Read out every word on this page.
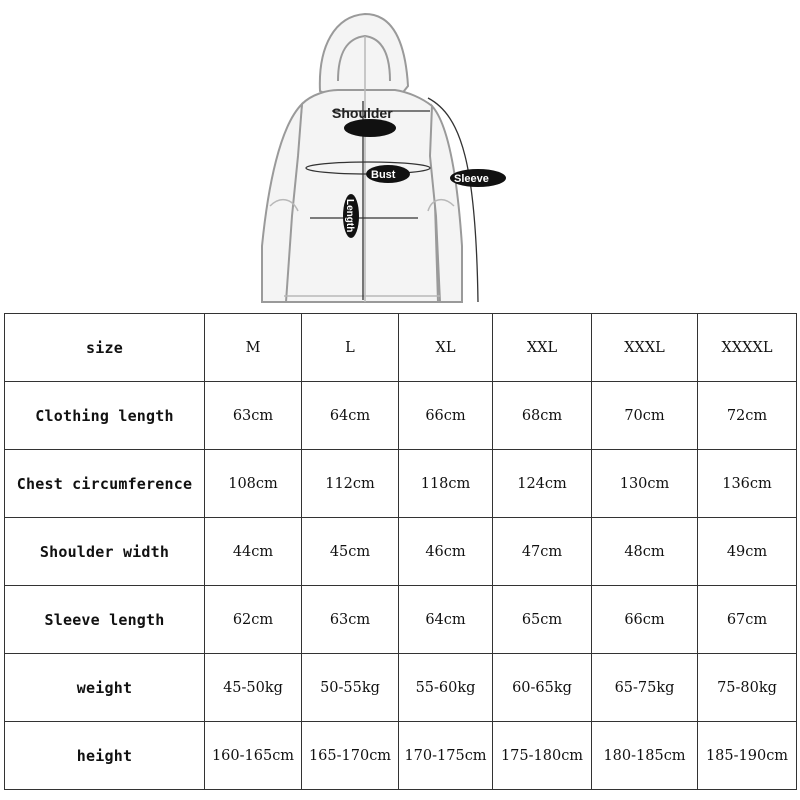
Shoulder
Bust	Sleeve
Length
size	M	L	XL	XXL	XXXL	XXXXL
Clothing length	63cm	64cm	66cm	68cm	70cm	72cm
Chest circumference	108cm	112cm	118cm	124cm	130cm	136cm
Shoulder width	44cm	45cm	46cm	47cm	48cm	49cm
Sleeve length	62cm	63cm	64cm	65cm	66cm	67cm
weight	45-50kg	50-55kg	55-60kg	60-65kg	65-75kg	75-80kg
height	160-165cm	165-170cm	170-175cm	175-180cm	180-185cm	185-190cm
